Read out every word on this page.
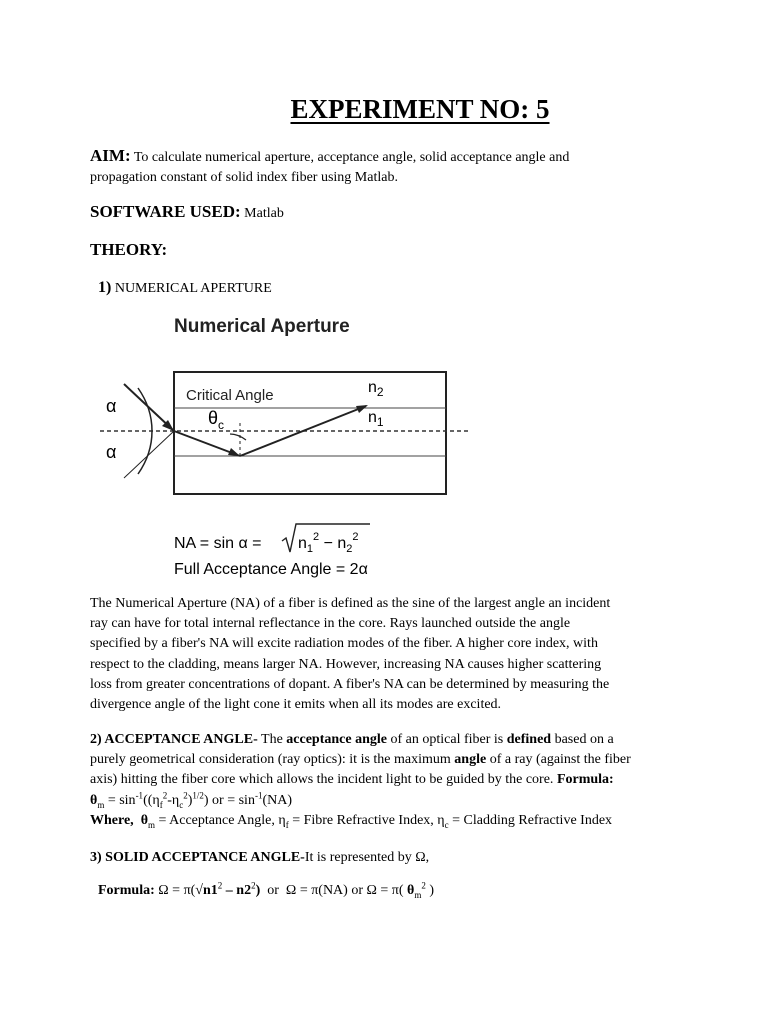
EXPERIMENT NO: 5
AIM: To calculate numerical aperture, acceptance angle, solid acceptance angle and
propagation constant of solid index fiber using Matlab.
SOFTWARE USED: Matlab
THEORY:
1) NUMERICAL APERTURE
Numerical Aperture
α
α
Critical Angle
$\theta_c$
$n_2$
$n_1$
NA = $\sin \alpha = n_1^2 - n_2^2$
Full Acceptance Angle = 2α
The Numerical Aperture (NA) of a fiber is defined as the sine of the largest angle an incident
ray can have for total internal reflectance in the core. Rays launched outside the angle
specified by a fiber's NA will excite radiation modes of the fiber. A higher core index, with
respect to the cladding, means larger NA. However, increasing NA causes higher scattering
loss from greater concentrations of dopant. A fiber's NA can be determined by measuring the
divergence angle of the light cone it emits when all its modes are excited.
2) ACCEPTANCE ANGLE- The acceptance angle of an optical fiber is defined based on a
purely geometrical consideration (ray optics): it is the maximum angle of a ray (against the fiber
axis) hitting the fiber core which allows the incident light to be guided by the core. Formula:
$\theta_m = \sin^{-1}((\eta_f^2-\eta_c^2)^{1/2})$ or = $\sin^{-1}(NA)$
Where, $\theta_m$ = Acceptance Angle, $\eta_f$ = Fibre Refractive Index, $\eta_c$ = Cladding Refractive Index
3) SOLID ACCEPTANCE ANGLE-It is represented by Ω,
Formula: $\Omega = \pi(√n1^2 - n2^2)$  or  Ω = π(NA) or Ω = π( $\theta_m^2$ )
